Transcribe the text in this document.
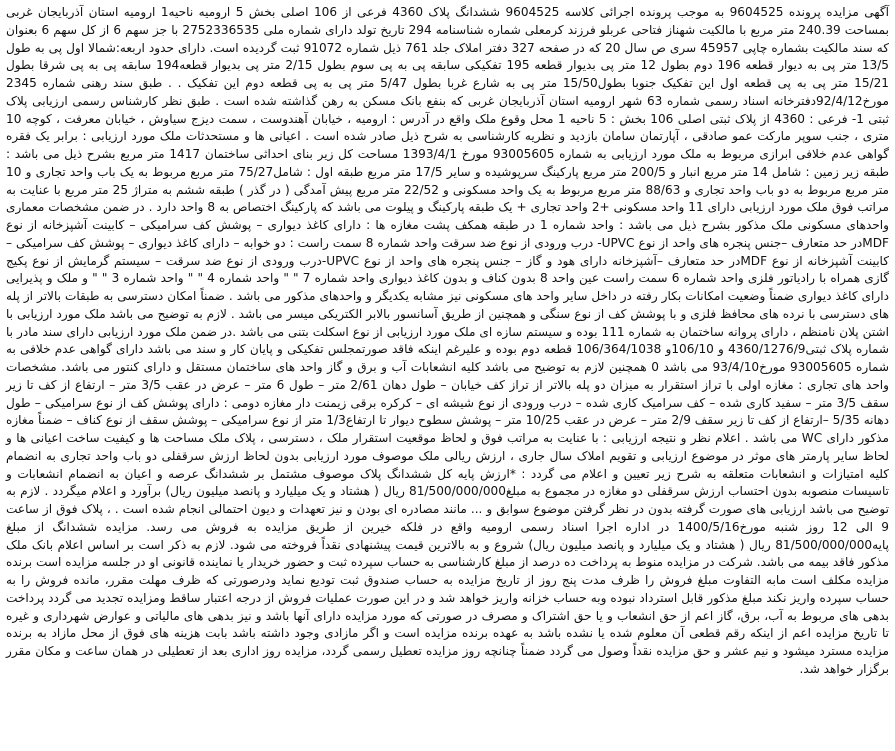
آگهی مزایده پرونده 9604525 به موجب پرونده اجرائی کلاسه 9604525 ششدانگ پلاک 4360 فرعی از 106 اصلی بخش 5 ارومیه ناحیه1 ارومیه استان آذربایجان غربی بمساحت 240.39 متر مربع با مالکیت شهناز فتاحی عربلو فرزند کرمعلی شماره شناسنامه 294 تاریخ تولد دارای شماره ملی 2752336535 با جز سهم 6 از کل سهم 6 بعنوان که سند مالکیت بشماره چاپی 45957 سری ص سال 20 که در صفحه 327 دفتر املاک جلد 761 ذیل شماره 91072 ثبت گردیده است. دارای حدود اربعه:شمالا اول پی به طول 13/5 متر پی به دیوار قطعه 196 دوم بطول 12 متر پی بدیوار قطعه 195 تفکیکی سابقه پی به پی سوم بطول 2/15 متر پی بدیوار قطعه194 سابقه پی به پی شرقا بطول 15/21 متر پی به پی قطعه اول این تفکیک جنوبا بطول15/50 متر پی به شارع غربا بطول 5/47 متر پی به پی قطعه دوم این تفکیک . . طبق سند رهنی شماره 2345 مورخ92/4/12دفترخانه اسناد رسمی شماره 63 شهر ارومیه استان آذربایجان غربی که بنفع بانک مسکن به رهن گذاشته شده است . طبق نظر کارشناس رسمی ارزیابی پلاک ثبتی 1- فرعی : 4360 از پلاک ثبتی اصلی 106 بخش : 5 ناحیه 1 محل وقوع ملک واقع در آدرس : ارومیه ، خیابان آهندوست ، سمت دیزج سیاوش ، خیابان معرفت ، کوچه 10 متری ، جنب سوپر مارکت عمو صادقی ، آپارتمان سامان بازدید و نظریه کارشناسی به شرح ذیل صادر شده است . اعیانی ها و مستحدثات ملک مورد ارزیابی : برابر یک فقره گواهی عدم خلافی ابرازی مربوط به ملک مورد ارزیابی به شماره 93005605 مورخ 1393/4/1 مساحت کل زیر بنای احداثی ساختمان 1417 متر مربع بشرح ذیل می باشد : طبقه زیر زمین : شامل 14 متر مربع انبار و 200/5 متر مربع پارکینگ سرپوشیده و سایر 17/5 متر مربع طبقه اول : شامل75/27 متر مربع مربوط به یک باب واحد تجاری و 10 متر مربع مربوط به دو باب واحد تجاری و 88/63 متر مربع مربوط به یک واحد مسکونی و 22/52 متر مربع پیش آمدگی ( در گذر ) طبقه ششم به متراژ 25 متر مربع با عنایت به مراتب فوق ملک مورد ارزیابی دارای 11 واحد مسکونی +2 واحد تجاری + یک طبقه پارکینگ و پیلوت می باشد که پارکینگ اختصاص به 8 واحد دارد . در ضمن مشخصات معماری واحدهای مسکونی ملک مذکور بشرح ذیل می باشد : واحد شماره 1 در طبقه همکف پشت مغازه ها : دارای کاغذ دیواری – پوشش کف سرامیکی – کابینت آشپزخانه از نوع MDFدر حد متعارف –جنس پنجره های واحد از نوع UPVC- درب ورودی از نوع ضد سرقت واحد شماره 8 سمت راست : دو خوابه – دارای کاغذ دیواری – پوشش کف سرامیکی – کابینت آشپزخانه از نوع MDFدر حد متعارف –آشپزخانه دارای هود و گاز – جنس پنجره های واحد از نوع UPVC-درب ورودی از نوع ضد سرقت – سیستم گرمایش از نوع پکیج گازی همراه با رادیاتور فلزی واحد شماره 6 سمت راست عین واحد 8 بدون کناف و بدون کاغذ دیواری واحد شماره 7 " " واحد شماره 4 " " واحد شماره 3 " " و ملک و پذیرایی دارای کاغذ دیواری ضمناً وضعیت امکانات بکار رفته در داخل سایر واحد های مسکونی نیز مشابه یکدیگر و واحدهای مذکور می باشد . ضمناً امکان دسترسی به طبقات بالاتر از پله های دسترسی با نرده های محافظ فلزی و با پوشش کف از نوع سنگی و همچنین از طریق آسانسور بالابر الکتریکی میسر می باشد . لازم به توضیح می باشد ملک مورد ارزیابی با اشتن پلان نامنظم ، دارای پروانه ساختمان به شماره 111 بوده و سیستم سازه ای ملک مورد ارزیابی از نوع اسکلت بتنی می باشد .در ضمن ملک مورد ارزیابی دارای سند مادر با شماره پلاک ثبتی4360/1276/9 و 106/10و 106/364/1038 قطعه دوم بوده و علیرغم اینکه فاقد صورتمجلس تفکیکی و پایان کار و سند می باشد دارای گواهی عدم خلافی به شماره 93005605 مورخ93/4/10 می باشد 0 همچنین لازم به توضیح می باشد کلیه انشعابات آب و برق و گاز واحد های ساختمان مستقل و دارای کنتور می باشد. مشخصات واحد های تجاری : مغازه اولی با تراز استقرار به میزان دو پله بالاتر از تراز کف خیابان – طول دهان 2/61 متر – طول 6 متر – عرض در عقب 3/5 متر – ارتفاع از کف تا زیر سقف 3/5 متر – سفید کاری شده – کف سرامیک کاری شده – درب ورودی از نوع شیشه ای – کرکره برقی زیمنت دار مغازه دومی : دارای پوشش کف از نوع سرامیکی – طول دهانه 5/35 –ارتفاع از کف تا زیر سقف 2/9 متر – عرض در عقب 10/25 متر – پوشش سطوح دیوار تا ارتفاع1/3 متر از نوع سرامیکی – پوشش سقف از نوع کناف – ضمناً مغازه مذکور دارای WC می باشد . اعلام نظر و نتیجه ارزیابی : با عنایت به مراتب فوق و لحاظ موقعیت استقرار ملک ، دسترسی ، پلاک ملک مساحت ها و کیفیت ساخت اعیانی ها و لحاظ سایر پارمتر های موثر در موضوع ارزیابی و تقویم املاک سال جاری ، ارزش ریالی ملک موصوف مورد ارزیابی بدون لحاظ ارزش سرقفلی دو باب واحد تجاری به انضمام کلیه امتیازات و انشعابات متعلقه به شرح زیر تعیین و اعلام می گردد : *ارزش پایه کل ششدانگ پلاک موصوف مشتمل بر ششدانگ عرصه و اعیان به انضمام انشعابات و تاسیسات منصوبه بدون احتساب ارزش سرقفلی دو مغازه در مجموع به مبلغ81/500/000/000 ریال ( هشتاد و یک میلیارد و پانصد میلیون ریال) برآورد و اعلام میگردد . لازم به توضیح می باشد ارزیابی های صورت گرفته بدون در نظر گرفتن موضوع سوابق و ... مانند مصادره ای بودن و نیز تعهدات و دیون احتمالی انجام شده است . ، پلاک فوق از ساعت 9 الی 12 روز شنبه مورخ1400/5/16 در اداره اجرا اسناد رسمی ارومیه واقع در فلکه خیرین از طریق مزایده به فروش می رسد. مزایده ششدانگ از مبلغ پایه81/500/000/000 ریال ( هشتاد و یک میلیارد و پانصد میلیون ریال) شروع و به بالاترین قیمت پیشنهادی نقداً فروخته می شود. لازم به ذکر است بر اساس اعلام بانک ملک مذکور فاقد بیمه می باشد. شرکت در مزایده منوط به پرداخت ده درصد از مبلغ کارشناسی به حساب سپرده ثبت و حضور خریدار یا نماینده قانونی او در جلسه مزایده است برنده مزایده مکلف است مابه التفاوت مبلغ فروش را ظرف مدت پنج روز از تاریخ مزایده به حساب صندوق ثبت تودیع نماید ودرصورتی که ظرف مهلت مقرر، مانده فروش را به حساب سپرده واریز نکند مبلغ مذکور قابل استرداد نبوده وبه حساب خزانه واریز خواهد شد و در این صورت عملیات فروش از درجه اعتبار ساقط ومزایده تجدید می گردد پرداخت بدهی های مربوط به آب، برق، گاز اعم از حق انشعاب و یا حق اشتراک و مصرف در صورتی که مورد مزایده دارای آنها باشد و نیز بدهی های مالیاتی و عوارض شهرداری و غیره تا تاریخ مزایده اعم از اینکه رقم قطعی آن معلوم شده یا نشده باشد به عهده برنده مزایده است و اگر مازادی وجود داشته باشد بابت هزینه های فوق از محل مازاد به برنده مزایده مسترد میشود و نیم عشر و حق مزایده نقداً وصول می گردد ضمناً چنانچه روز مزایده تعطیل رسمی گردد، مزایده روز اداری بعد از تعطیلی در همان ساعت و مکان مقرر برگزار خواهد شد.
